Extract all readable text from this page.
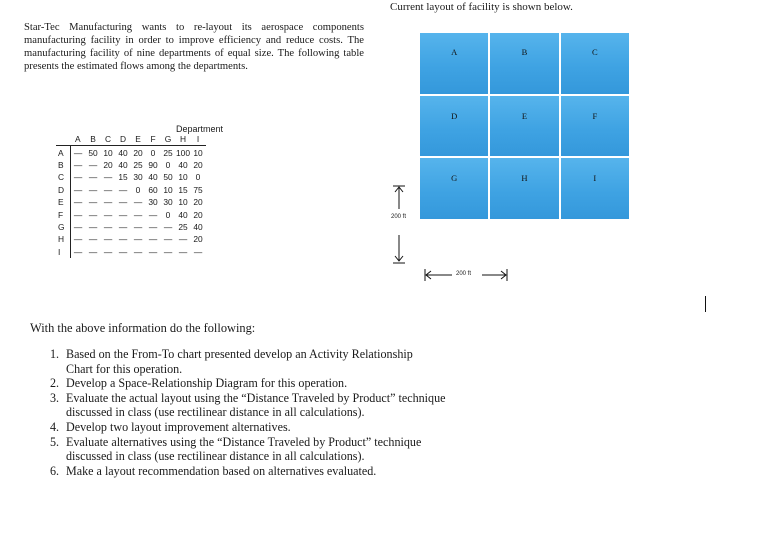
Star-Tec Manufacturing wants to re-layout its aerospace components manufacturing facility in order to improve efficiency and reduce costs. The manufacturing facility of nine departments of equal size. The following table presents the estimated flows among the departments.

Current layout of facility is shown below.
Department
	A	B	C	D	E	F	G	H	I
A	—	50	10	40	20	0	25	100	10
B	—	—	20	40	25	90	0	40	20
C	—	—	—	15	30	40	50	10	0
D	—	—	—	—	0	60	10	15	75
E	—	—	—	—	—	30	30	10	20
F	—	—	—	—	—	—	0	40	20
G	—	—	—	—	—	—	—	25	40
H	—	—	—	—	—	—	—	—	20
I	—	—	—	—	—	—	—	—	—
A	B	C
D	E	F
G	H	I
200 ft
200 ft
With the above information do the following:
1. Based on the From-To chart presented develop an Activity Relationship Chart for this operation.
2. Develop a Space-Relationship Diagram for this operation.
3. Evaluate the actual layout using the “Distance Traveled by Product” technique discussed in class (use rectilinear distance in all calculations).
4. Develop two layout improvement alternatives.
5. Evaluate alternatives using the “Distance Traveled by Product” technique discussed in class (use rectilinear distance in all calculations).
6. Make a layout recommendation based on alternatives evaluated.
